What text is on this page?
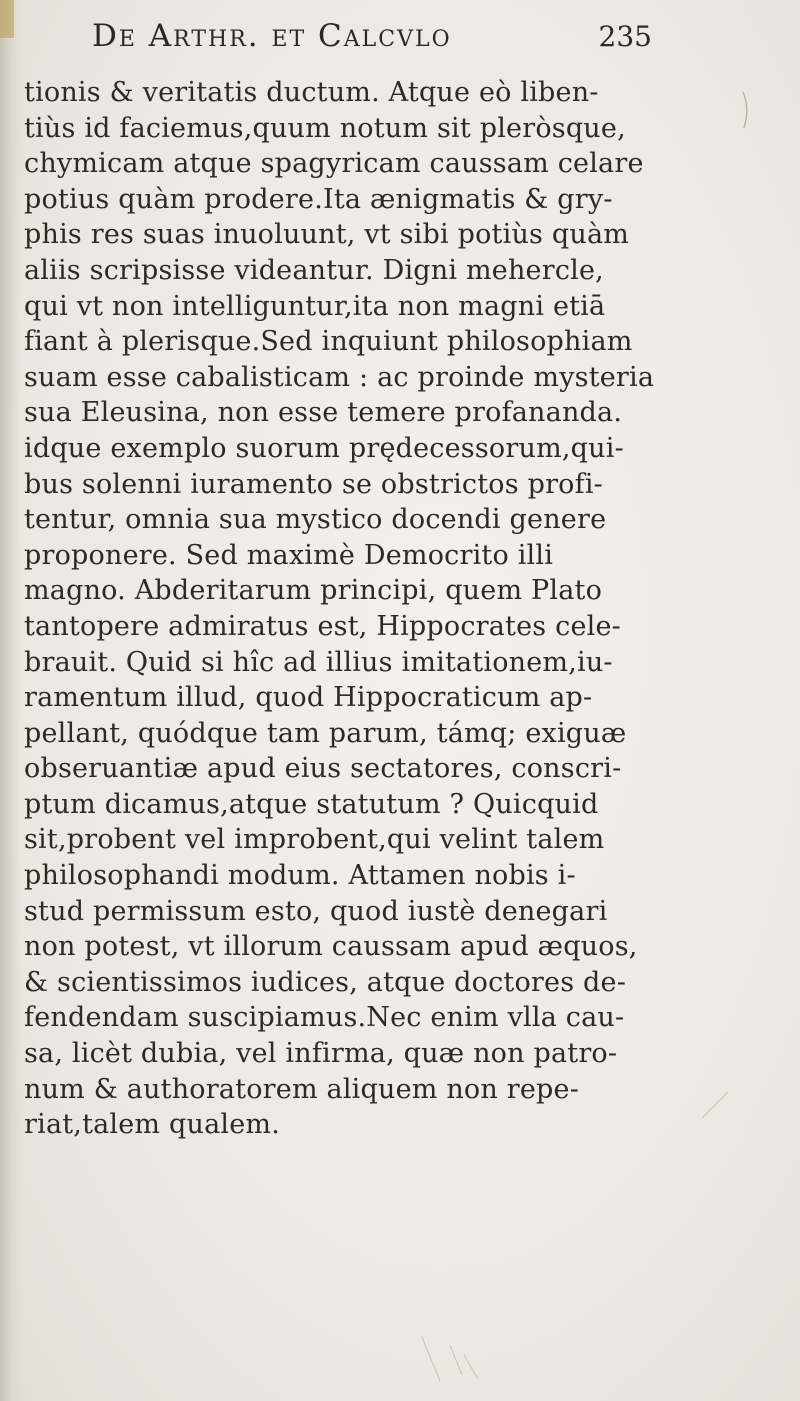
De Arthr. et Calcvlo	235
tionis & veritatis ductum. Atque eò liben-
tiùs id faciemus,quum notum sit pleròsque,
chymicam atque spagyricam caussam celare
potius quàm prodere.Ita ænigmatis & gry-
phis res suas inuoluunt, vt sibi potiùs quàm
aliis scripsisse videantur. Digni mehercle,
qui vt non intelliguntur,ita non magni etiā
fiant à plerisque.Sed inquiunt philosophiam
suam esse cabalisticam : ac proinde mysteria
sua Eleusina, non esse temere profananda.
idque exemplo suorum prędecessorum,qui-
bus solenni iuramento se obstrictos profi-
tentur, omnia sua mystico docendi genere
proponere. Sed maximè Democrito illi
magno. Abderitarum principi, quem Plato
tantopere admiratus est, Hippocrates cele-
brauit. Quid si hîc ad illius imitationem,iu-
ramentum illud, quod Hippocraticum ap-
pellant, quódque tam parum, támq; exiguæ
obseruantiæ apud eius sectatores, conscri-
ptum dicamus,atque statutum ? Quicquid
sit,probent vel improbent,qui velint talem
philosophandi modum. Attamen nobis i-
stud permissum esto, quod iustè denegari
non potest, vt illorum caussam apud æquos,
& scientissimos iudices, atque doctores de-
fendendam suscipiamus.Nec enim vlla cau-
sa, licèt dubia, vel infirma, quæ non patro-
num & authoratorem aliquem non repe-
riat,talem qualem.
